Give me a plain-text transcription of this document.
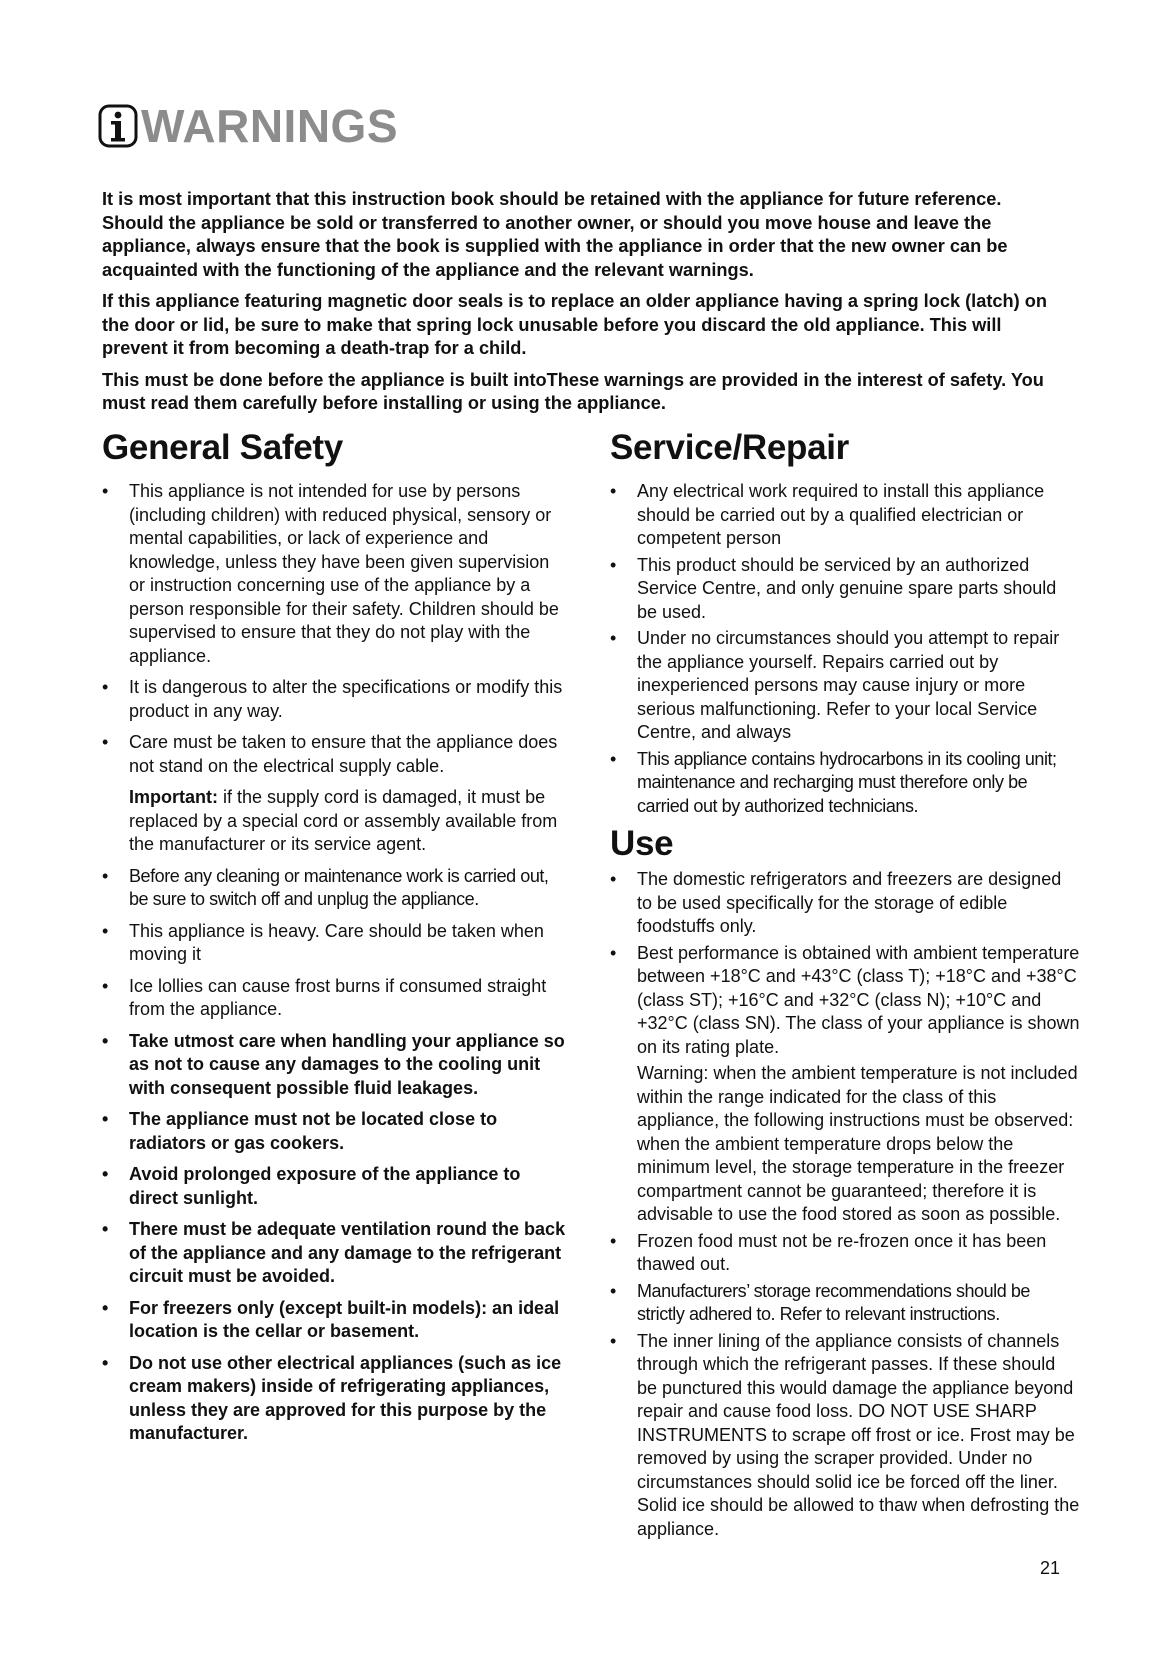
WARNINGS

It is most important that this instruction book should be retained with the appliance for future reference. Should the appliance be sold or transferred to another owner, or should you move house and leave the appliance, always ensure that the book is supplied with the appliance in order that the new owner can be acquainted with the functioning of the appliance and the relevant warnings.

If this appliance featuring magnetic door seals is to replace an older appliance having a spring lock (latch) on the door or lid, be sure to make that spring lock unusable before you discard the old appliance. This will prevent it from becoming a death-trap for a child.

This must be done before the appliance is built intoThese warnings are provided in the interest of safety. You must read them carefully before installing or using the appliance.

General Safety
• This appliance is not intended for use by persons (including children) with reduced physical, sensory or mental capabilities, or lack of experience and knowledge, unless they have been given supervision or instruction concerning use of the appliance by a person responsible for their safety. Children should be supervised to ensure that they do not play with the appliance.
• It is dangerous to alter the specifications or modify this product in any way.
• Care must be taken to ensure that the appliance does not stand on the electrical supply cable.
Important: if the supply cord is damaged, it must be replaced by a special cord or assembly available from the manufacturer or its service agent.
• Before any cleaning or maintenance work is carried out, be sure to switch off and unplug the appliance.
• This appliance is heavy. Care should be taken when moving it
• Ice lollies can cause frost burns if consumed straight from the appliance.
• Take utmost care when handling your appliance so as not to cause any damages to the cooling unit with consequent possible fluid leakages.
• The appliance must not be located close to radiators or gas cookers.
• Avoid prolonged exposure of the appliance to direct sunlight.
• There must be adequate ventilation round the back of the appliance and any damage to the refrigerant circuit must be avoided.
• For freezers only (except built-in models): an ideal location is the cellar or basement.
• Do not use other electrical appliances (such as ice cream makers) inside of refrigerating appliances, unless they are approved for this purpose by the manufacturer.
Service/Repair
• Any electrical work required to install this appliance should be carried out by a qualified electrician or competent person
• This product should be serviced by an authorized Service Centre, and only genuine spare parts should be used.
• Under no circumstances should you attempt to repair the appliance yourself. Repairs carried out by inexperienced persons may cause injury or more serious malfunctioning. Refer to your local Service Centre, and always
• This appliance contains hydrocarbons in its cooling unit; maintenance and recharging must therefore only be carried out by authorized technicians.
Use
• The domestic refrigerators and freezers are designed to be used specifically for the storage of edible foodstuffs only.
• Best performance is obtained with ambient temperature between +18°C and +43°C (class T); +18°C and +38°C (class ST); +16°C and +32°C (class N); +10°C and +32°C (class SN). The class of your appliance is shown on its rating plate.
Warning: when the ambient temperature is not included within the range indicated for the class of this appliance, the following instructions must be observed: when the ambient temperature drops below the minimum level, the storage temperature in the freezer compartment cannot be guaranteed; therefore it is advisable to use the food stored as soon as possible.
• Frozen food must not be re-frozen once it has been thawed out.
• Manufacturers’ storage recommendations should be strictly adhered to. Refer to relevant instructions.
• The inner lining of the appliance consists of channels through which the refrigerant passes. If these should be punctured this would damage the appliance beyond repair and cause food loss. DO NOT USE SHARP INSTRUMENTS to scrape off frost or ice. Frost may be removed by using the scraper provided. Under no circumstances should solid ice be forced off the liner. Solid ice should be allowed to thaw when defrosting the appliance.
21
